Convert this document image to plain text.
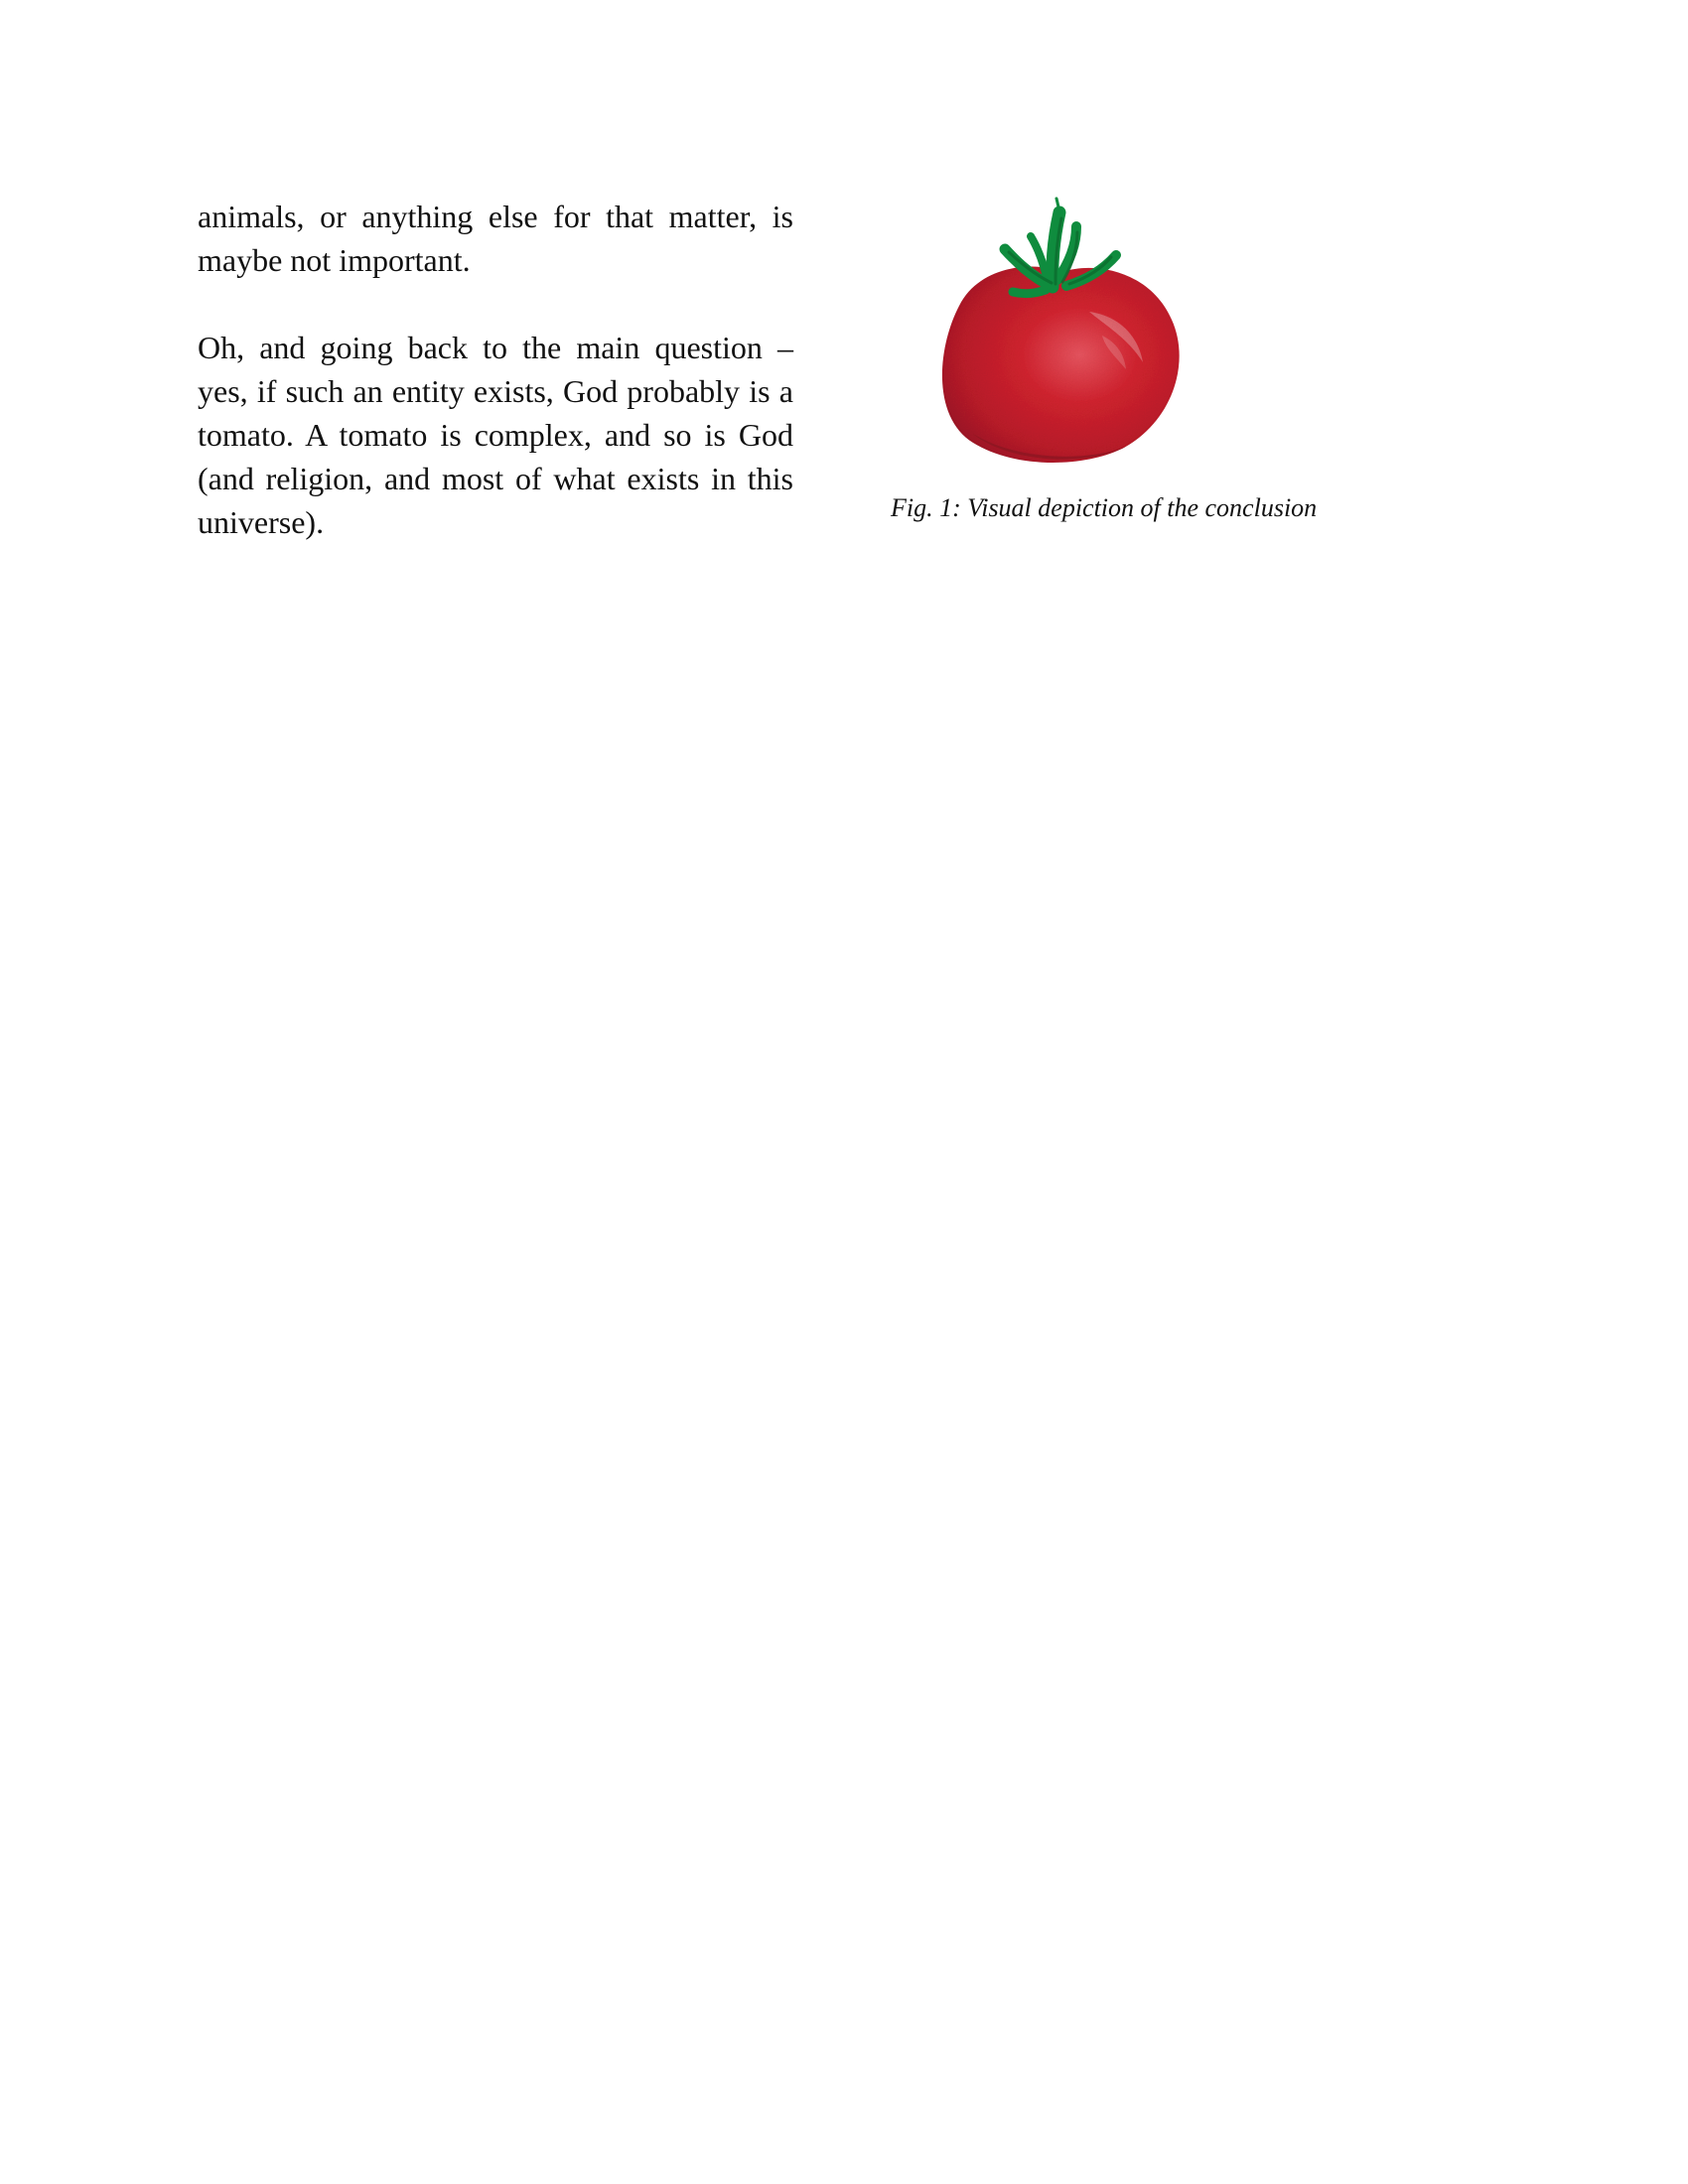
animals, or anything else for that matter, is maybe not important.

Oh, and going back to the main question – yes, if such an entity exists, God probably is a tomato. A tomato is complex, and so is God (and religion, and most of what exists in this universe).	Fig. 1: Visual depiction of the conclusion
